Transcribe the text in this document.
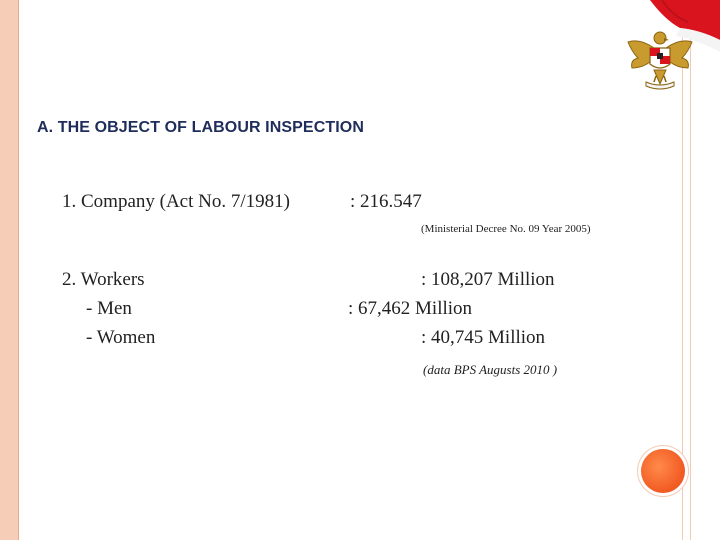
A. THE OBJECT OF LABOUR INSPECTION
1. Company (Act No. 7/1981)	: 216.547
(Ministerial Decree No. 09 Year 2005)
2. Workers
- Men
- Women
: 108,207 Million
: 67,462 Million
: 40,745 Million
(data BPS Augusts 2010 )
